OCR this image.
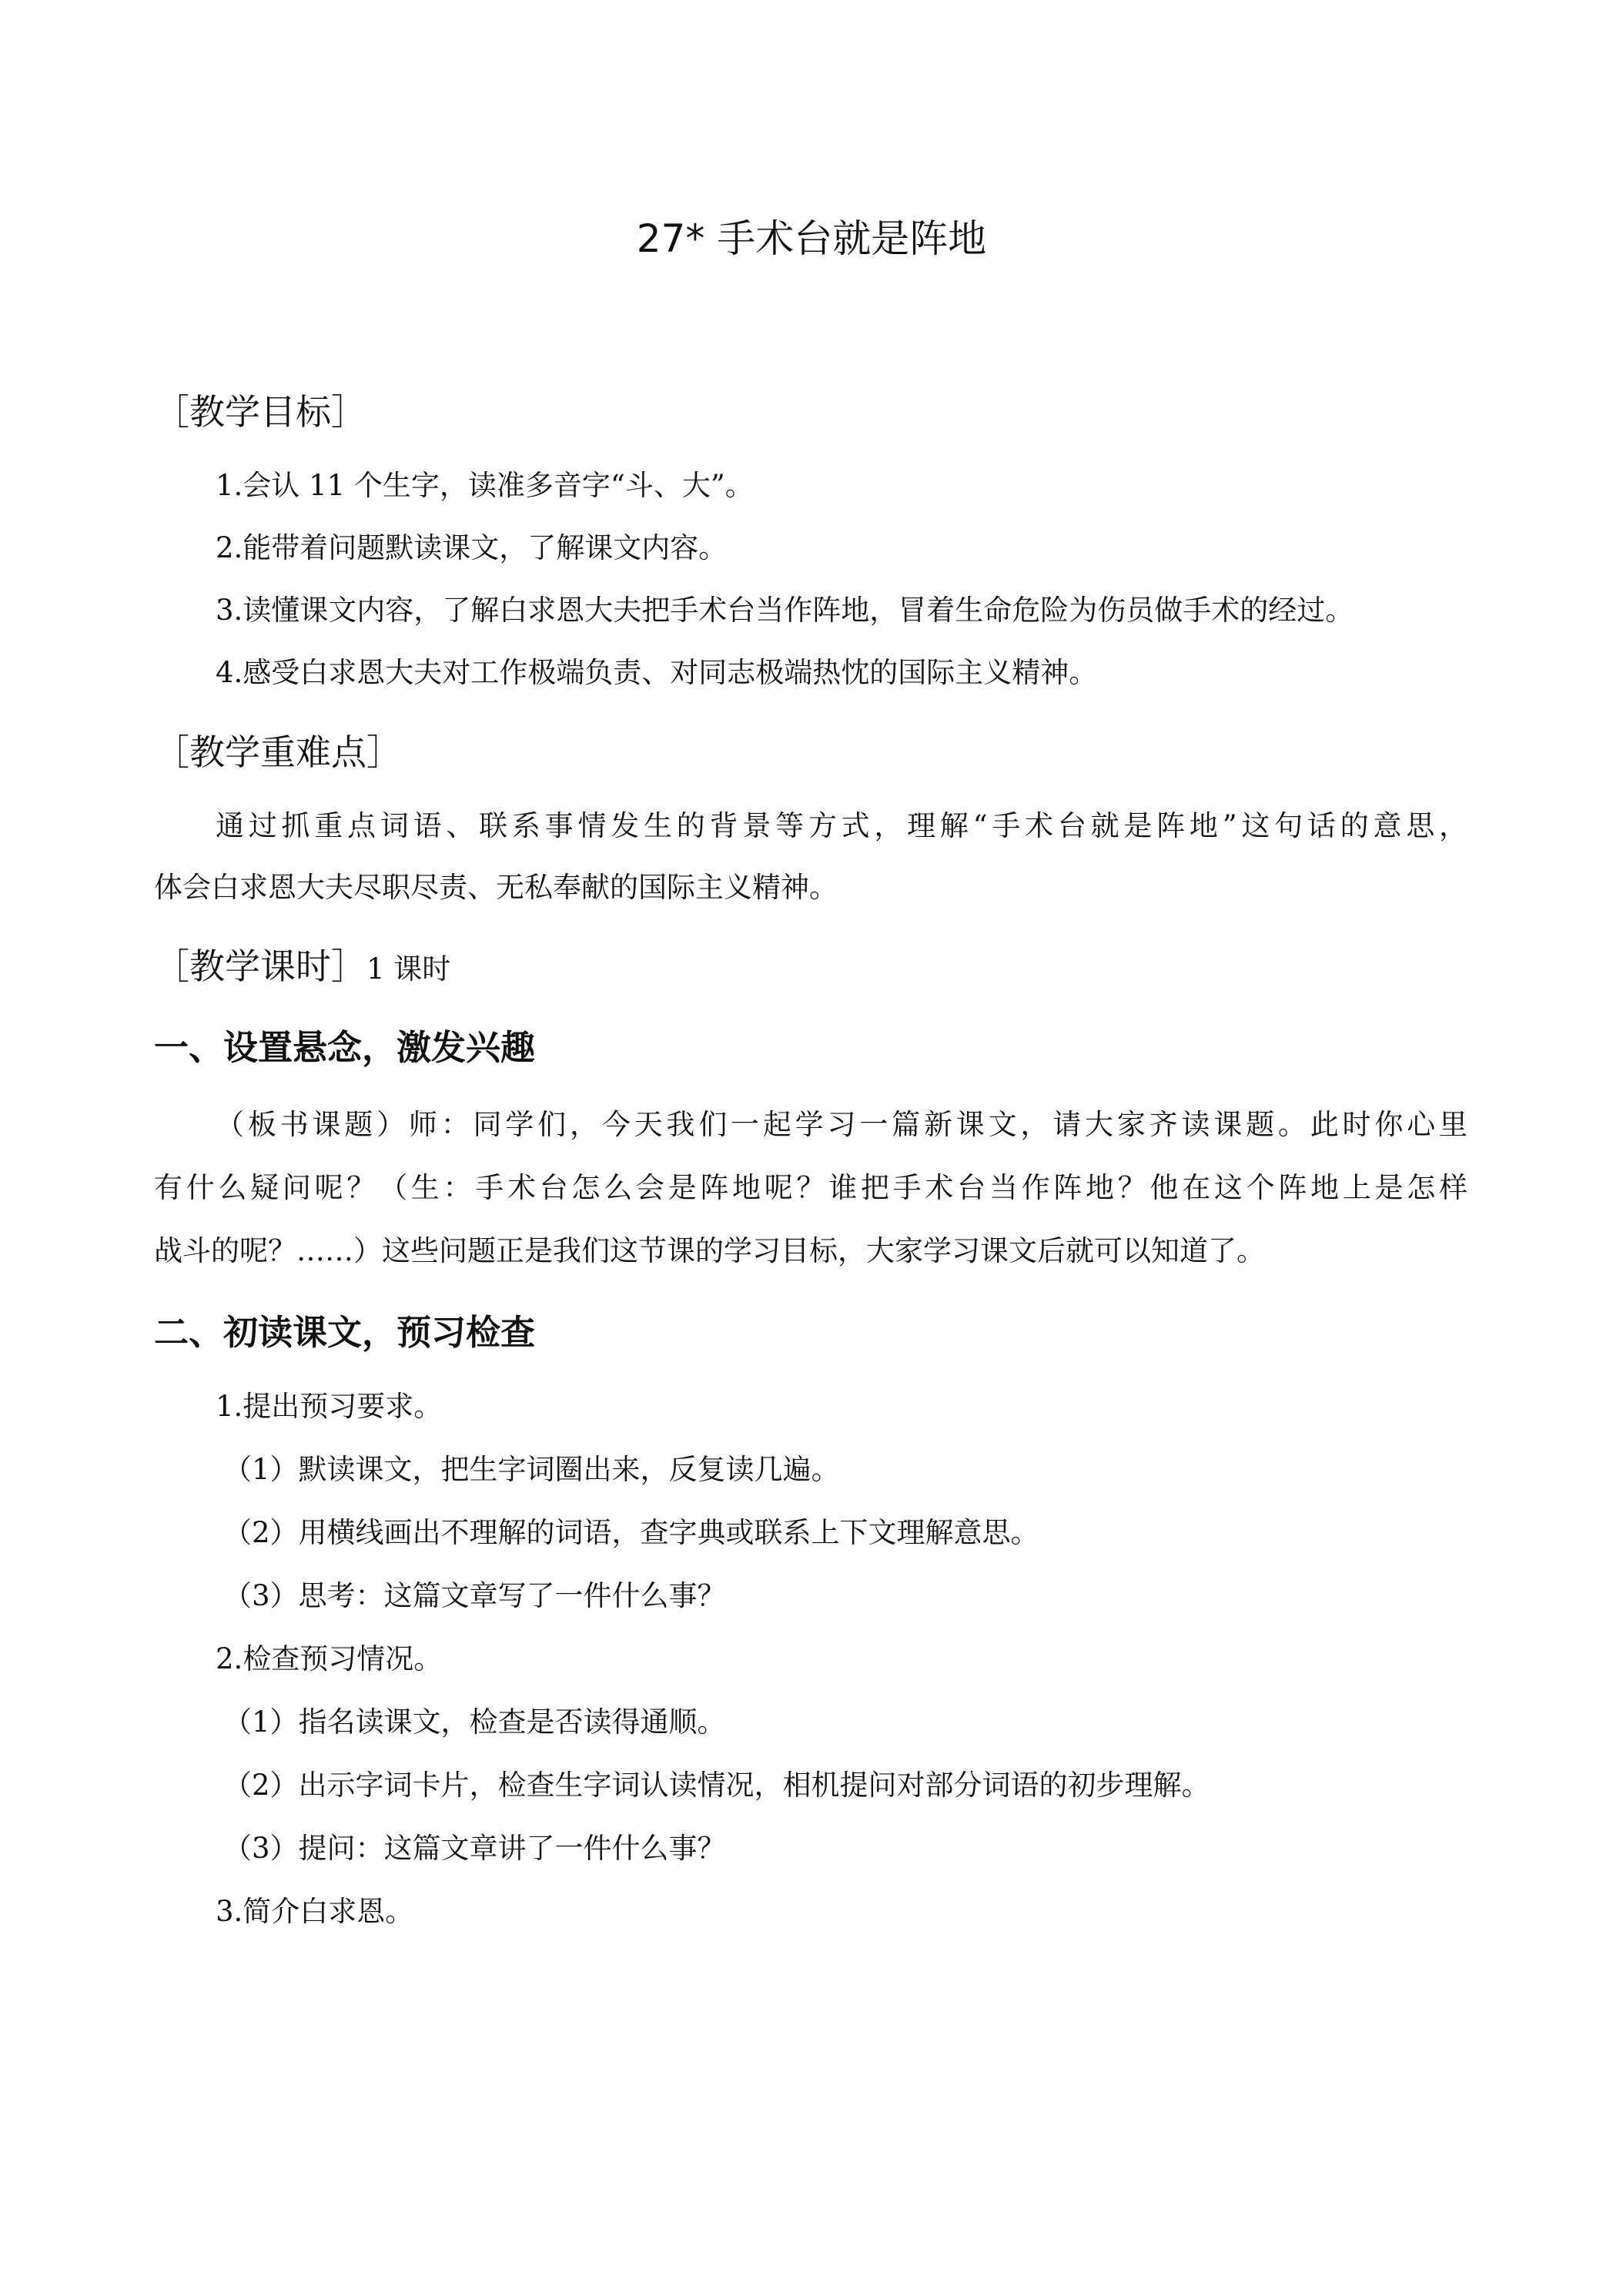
27* 手术台就是阵地
［教学目标］

1.会认 11 个生字，读准多音字“斗、大”。

2.能带着问题默读课文，了解课文内容。

3.读懂课文内容，了解白求恩大夫把手术台当作阵地，冒着生命危险为伤员做手术的经过。

4.感受白求恩大夫对工作极端负责、对同志极端热忱的国际主义精神。

［教学重难点］

通过抓重点词语、联系事情发生的背景等方式，理解“手术台就是阵地”这句话的意思，

体会白求恩大夫尽职尽责、无私奉献的国际主义精神。

［教学课时］1 课时
一、设置悬念，激发兴趣

（板书课题）师：同学们，今天我们一起学习一篇新课文，请大家齐读课题。此时你心里

有什么疑问呢？（生：手术台怎么会是阵地呢？谁把手术台当作阵地？他在这个阵地上是怎样

战斗的呢？……）这些问题正是我们这节课的学习目标，大家学习课文后就可以知道了。

二、初读课文，预习检查

1.提出预习要求。

（1）默读课文，把生字词圈出来，反复读几遍。

（2）用横线画出不理解的词语，查字典或联系上下文理解意思。

（3）思考：这篇文章写了一件什么事？

2.检查预习情况。

（1）指名读课文，检查是否读得通顺。

（2）出示字词卡片，检查生字词认读情况，相机提问对部分词语的初步理解。

（3）提问：这篇文章讲了一件什么事？

3.简介白求恩。
